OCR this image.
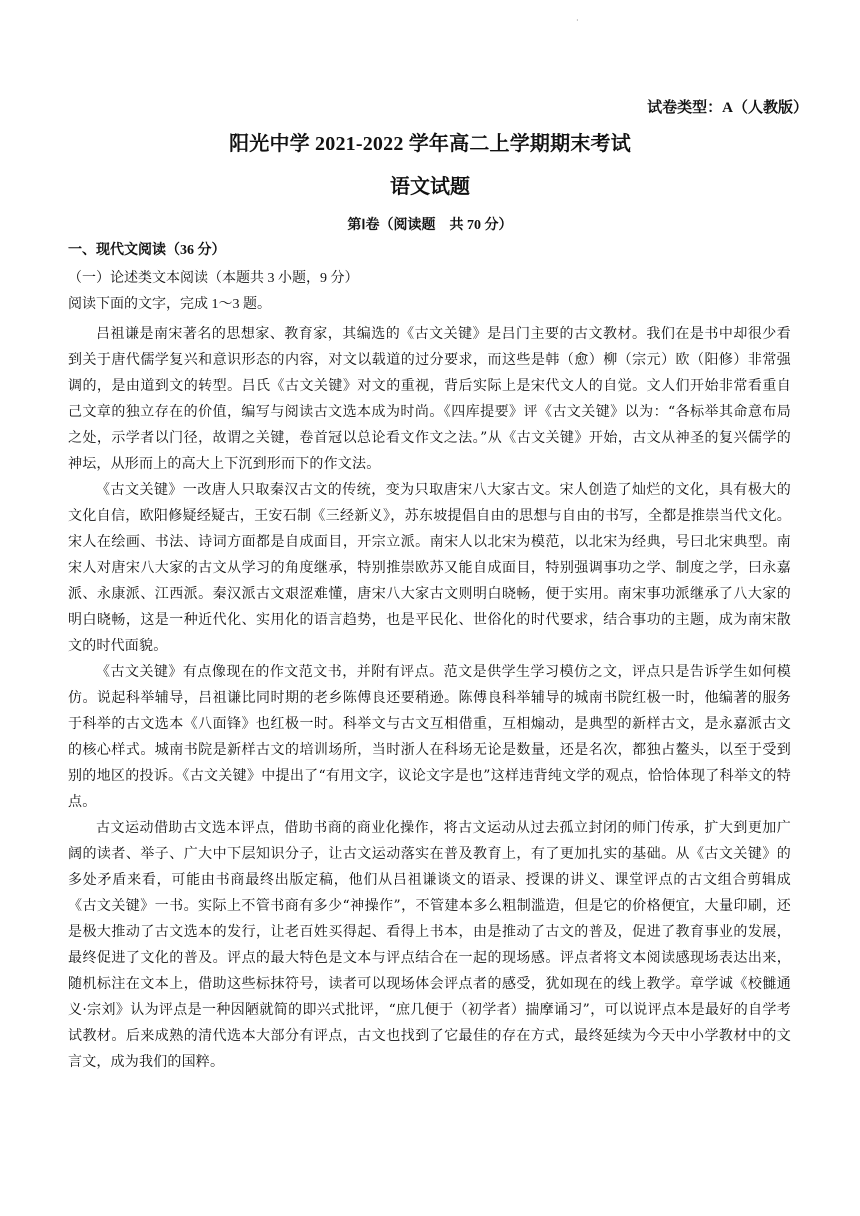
·
试卷类型：A（人教版）
阳光中学 2021-2022 学年高二上学期期末考试
语文试题
第Ⅰ卷（阅读题　共 70 分）
一、现代文阅读（36 分）
（一）论述类文本阅读（本题共 3 小题，9 分）
阅读下面的文字，完成 1～3 题。

吕祖谦是南宋著名的思想家、教育家，其编选的《古文关键》是吕门主要的古文教材。我们在是书中却很少看到关于唐代儒学复兴和意识形态的内容，对文以载道的过分要求，而这些是韩（愈）柳（宗元）欧（阳修）非常强调的，是由道到文的转型。吕氏《古文关键》对文的重视，背后实际上是宋代文人的自觉。文人们开始非常看重自己文章的独立存在的价值，编写与阅读古文选本成为时尚。《四库提要》评《古文关键》以为：“各标举其命意布局之处，示学者以门径，故谓之关键，卷首冠以总论看文作文之法。”从《古文关键》开始，古文从神圣的复兴儒学的神坛，从形而上的高大上下沉到形而下的作文法。

《古文关键》一改唐人只取秦汉古文的传统，变为只取唐宋八大家古文。宋人创造了灿烂的文化，具有极大的文化自信，欧阳修疑经疑古，王安石制《三经新义》，苏东坡提倡自由的思想与自由的书写，全都是推崇当代文化。宋人在绘画、书法、诗词方面都是自成面目，开宗立派。南宋人以北宋为模范，以北宋为经典，号曰北宋典型。南宋人对唐宋八大家的古文从学习的角度继承，特别推崇欧苏又能自成面目，特别强调事功之学、制度之学，曰永嘉派、永康派、江西派。秦汉派古文艰涩难懂，唐宋八大家古文则明白晓畅，便于实用。南宋事功派继承了八大家的明白晓畅，这是一种近代化、实用化的语言趋势，也是平民化、世俗化的时代要求，结合事功的主题，成为南宋散文的时代面貌。

《古文关键》有点像现在的作文范文书，并附有评点。范文是供学生学习模仿之文，评点只是告诉学生如何模仿。说起科举辅导，吕祖谦比同时期的老乡陈傅良还要稍逊。陈傅良科举辅导的城南书院红极一时，他编著的服务于科举的古文选本《八面锋》也红极一时。科举文与古文互相借重，互相煽动，是典型的新样古文，是永嘉派古文的核心样式。城南书院是新样古文的培训场所，当时浙人在科场无论是数量，还是名次，都独占鳌头，以至于受到别的地区的投诉。《古文关键》中提出了“有用文字，议论文字是也”这样违背纯文学的观点，恰恰体现了科举文的特点。

古文运动借助古文选本评点，借助书商的商业化操作，将古文运动从过去孤立封闭的师门传承，扩大到更加广阔的读者、举子、广大中下层知识分子，让古文运动落实在普及教育上，有了更加扎实的基础。从《古文关键》的多处矛盾来看，可能由书商最终出版定稿，他们从吕祖谦谈文的语录、授课的讲义、课堂评点的古文组合剪辑成《古文关键》一书。实际上不管书商有多少“神操作”，不管建本多么粗制滥造，但是它的价格便宜，大量印刷，还是极大推动了古文选本的发行，让老百姓买得起、看得上书本，由是推动了古文的普及，促进了教育事业的发展，最终促进了文化的普及。评点的最大特色是文本与评点结合在一起的现场感。评点者将文本阅读感现场表达出来，随机标注在文本上，借助这些标抹符号，读者可以现场体会评点者的感受，犹如现在的线上教学。章学诚《校雠通义·宗刘》认为评点是一种因陋就简的即兴式批评，“庶几便于（初学者）揣摩诵习”，可以说评点本是最好的自学考试教材。后来成熟的清代选本大部分有评点，古文也找到了它最佳的存在方式，最终延续为今天中小学教材中的文言文，成为我们的国粹。
